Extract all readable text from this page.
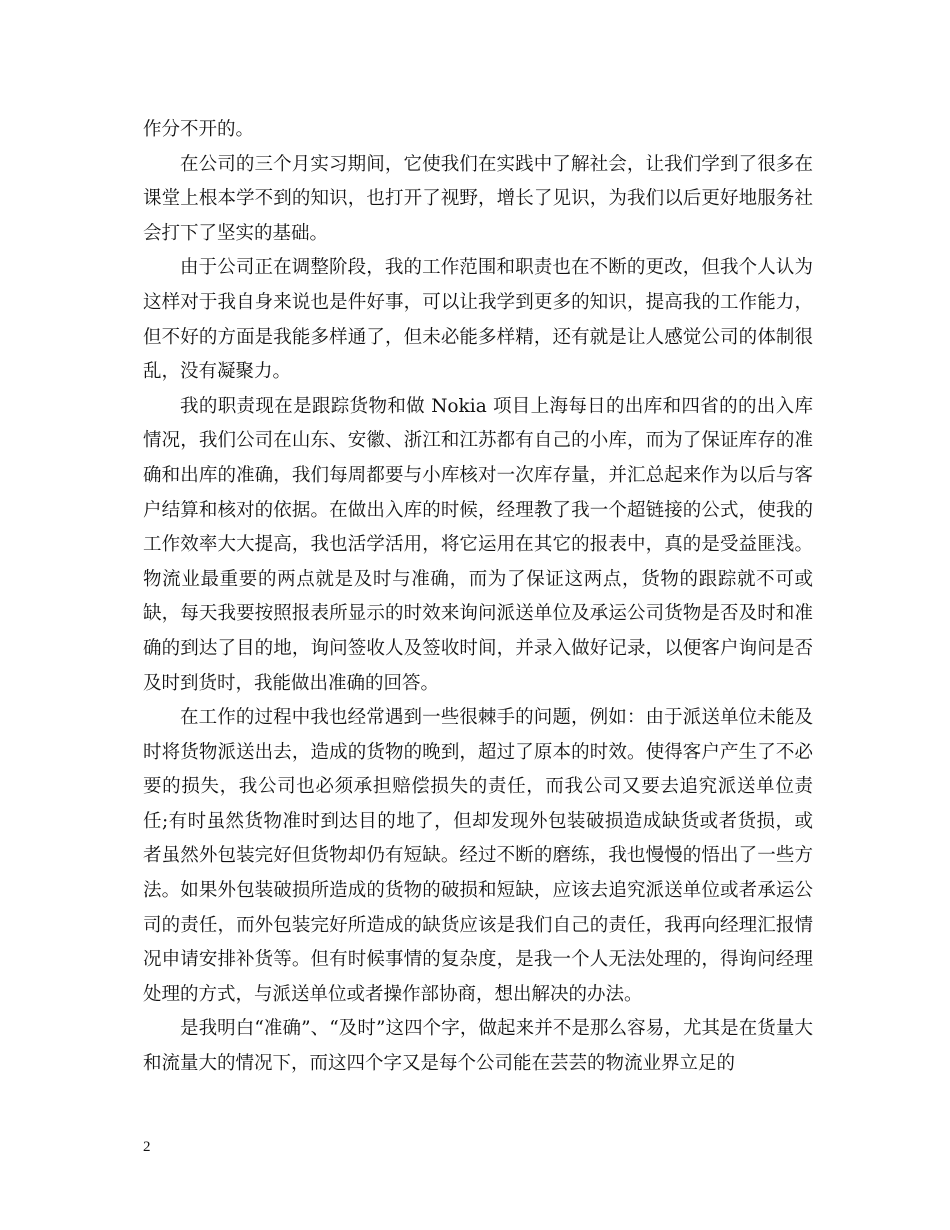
作分不开的。

在公司的三个月实习期间，它使我们在实践中了解社会，让我们学到了很多在课堂上根本学不到的知识，也打开了视野，增长了见识，为我们以后更好地服务社会打下了坚实的基础。

由于公司正在调整阶段，我的工作范围和职责也在不断的更改，但我个人认为这样对于我自身来说也是件好事，可以让我学到更多的知识，提高我的工作能力，但不好的方面是我能多样通了，但未必能多样精，还有就是让人感觉公司的体制很乱，没有凝聚力。

我的职责现在是跟踪货物和做 Nokia 项目上海每日的出库和四省的的出入库情况，我们公司在山东、安徽、浙江和江苏都有自己的小库，而为了保证库存的准确和出库的准确，我们每周都要与小库核对一次库存量，并汇总起来作为以后与客户结算和核对的依据。在做出入库的时候，经理教了我一个超链接的公式，使我的工作效率大大提高，我也活学活用，将它运用在其它的报表中，真的是受益匪浅。物流业最重要的两点就是及时与准确，而为了保证这两点，货物的跟踪就不可或缺，每天我要按照报表所显示的时效来询问派送单位及承运公司货物是否及时和准确的到达了目的地，询问签收人及签收时间，并录入做好记录，以便客户询问是否及时到货时，我能做出准确的回答。

在工作的过程中我也经常遇到一些很棘手的问题，例如：由于派送单位未能及时将货物派送出去，造成的货物的晚到，超过了原本的时效。使得客户产生了不必要的损失，我公司也必须承担赔偿损失的责任，而我公司又要去追究派送单位责任;有时虽然货物准时到达目的地了，但却发现外包装破损造成缺货或者货损，或者虽然外包装完好但货物却仍有短缺。经过不断的磨练，我也慢慢的悟出了一些方法。如果外包装破损所造成的货物的破损和短缺，应该去追究派送单位或者承运公司的责任，而外包装完好所造成的缺货应该是我们自己的责任，我再向经理汇报情况申请安排补货等。但有时候事情的复杂度，是我一个人无法处理的，得询问经理处理的方式，与派送单位或者操作部协商，想出解决的办法。

是我明白“准确”、“及时”这四个字，做起来并不是那么容易，尤其是在货量大和流量大的情况下，而这四个字又是每个公司能在芸芸的物流业界立足的

2
